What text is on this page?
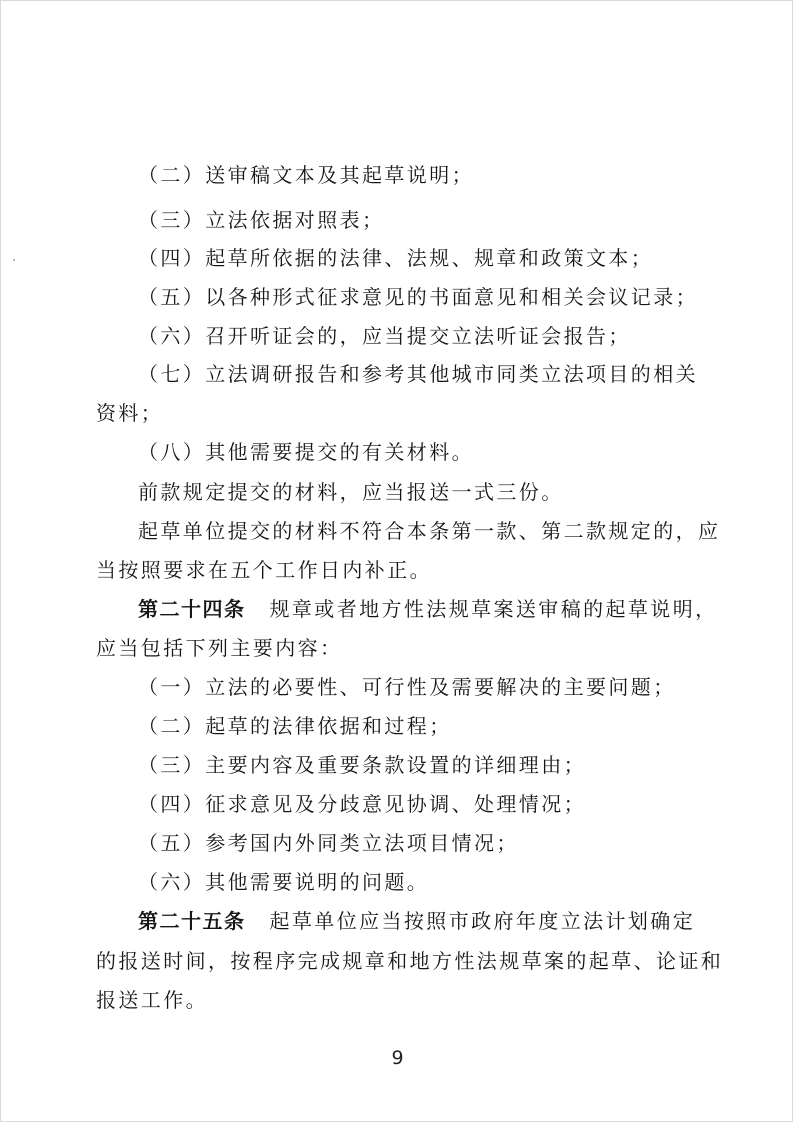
（二）送审稿文本及其起草说明；
（三）立法依据对照表；
（四）起草所依据的法律、法规、规章和政策文本；
（五）以各种形式征求意见的书面意见和相关会议记录；
（六）召开听证会的，应当提交立法听证会报告；
（七）立法调研报告和参考其他城市同类立法项目的相关
资料；
（八）其他需要提交的有关材料。
前款规定提交的材料，应当报送一式三份。
起草单位提交的材料不符合本条第一款、第二款规定的，应
当按照要求在五个工作日内补正。
第二十四条 规章或者地方性法规草案送审稿的起草说明，
应当包括下列主要内容：
（一）立法的必要性、可行性及需要解决的主要问题；
（二）起草的法律依据和过程；
（三）主要内容及重要条款设置的详细理由；
（四）征求意见及分歧意见协调、处理情况；
（五）参考国内外同类立法项目情况；
（六）其他需要说明的问题。
第二十五条 起草单位应当按照市政府年度立法计划确定
的报送时间，按程序完成规章和地方性法规草案的起草、论证和
报送工作。
9
